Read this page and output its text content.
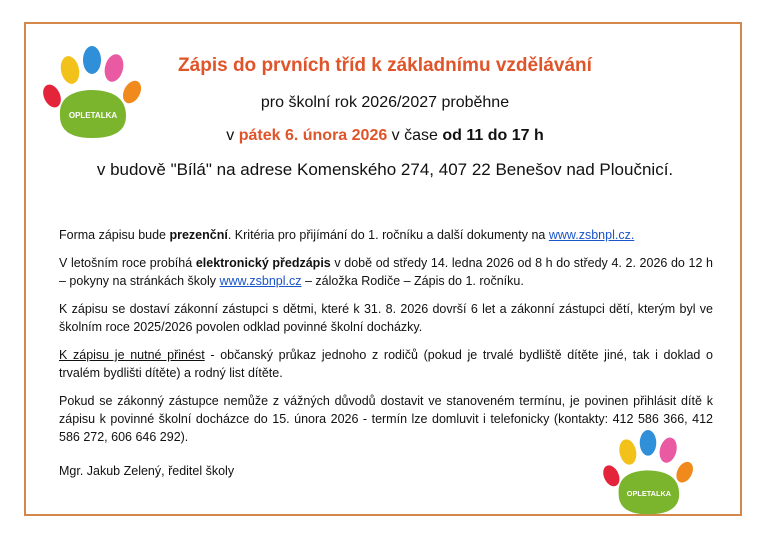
OPLETALKA
OPLETALKA
Zápis do prvních tříd k základnímu vzdělávání
pro školní rok 2026/2027 proběhne
v pátek 6. února 2026 v čase od 11 do 17 h
v budově "Bílá" na adrese Komenského 274, 407 22 Benešov nad Ploučnicí.

Forma zápisu bude prezenční. Kritéria pro přijímání do 1. ročníku a další dokumenty na www.zsbnpl.cz.

V letošním roce probíhá elektronický předzápis v době od středy 14. ledna 2026 od 8 h do středy 4. 2. 2026 do 12 h – pokyny na stránkách školy www.zsbnpl.cz – záložka Rodiče – Zápis do 1. ročníku.

K zápisu se dostaví zákonní zástupci s dětmi, které k 31. 8. 2026 dovrší 6 let a zákonní zástupci dětí, kterým byl ve školním roce 2025/2026 povolen odklad povinné školní docházky.

K zápisu je nutné přinést - občanský průkaz jednoho z rodičů (pokud je trvalé bydliště dítěte jiné, tak i doklad o trvalém bydlišti dítěte) a rodný list dítěte.

Pokud se zákonný zástupce nemůže z vážných důvodů dostavit ve stanoveném termínu, je povinen přihlásit dítě k zápisu k povinné školní docházce do 15. února 2026 - termín lze domluvit i telefonicky (kontakty: 412 586 366, 412 586 272, 606 646 292).

Mgr. Jakub Zelený, ředitel školy
